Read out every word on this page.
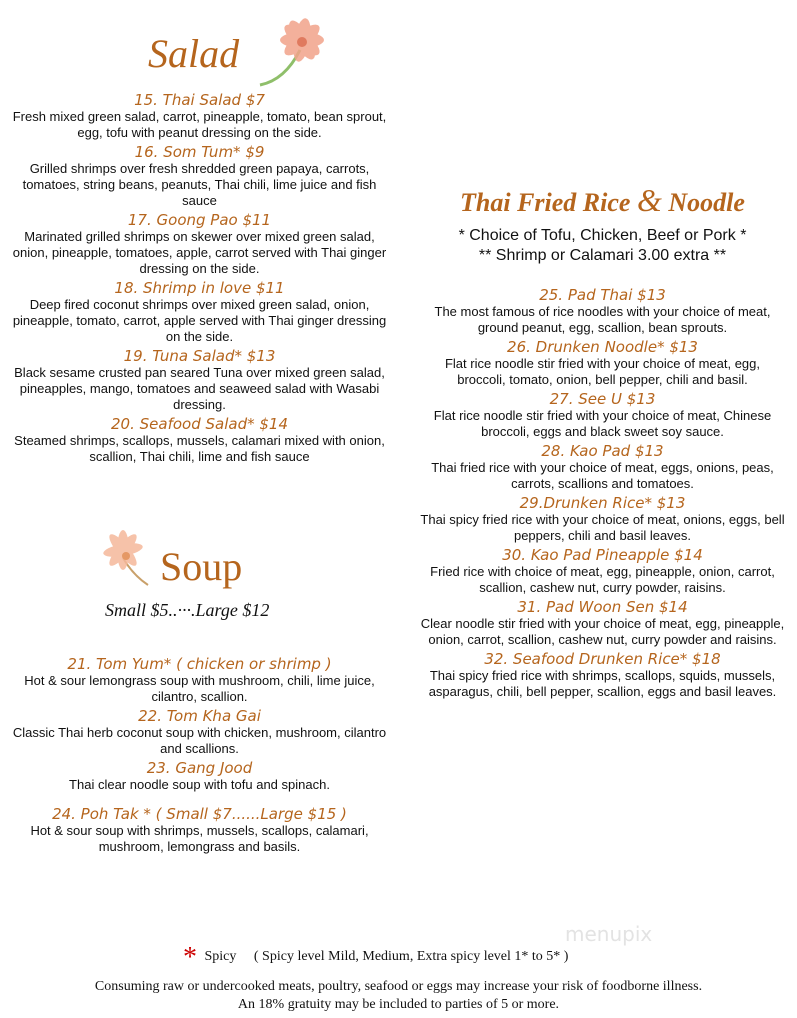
Salad
15. Thai Salad $7
Fresh mixed green salad, carrot, pineapple, tomato, bean sprout, egg, tofu with peanut dressing on the side.
16. Som Tum* $9
Grilled shrimps over fresh shredded green papaya, carrots, tomatoes, string beans, peanuts, Thai chili, lime juice and fish sauce
17. Goong Pao $11
Marinated grilled shrimps on skewer over mixed green salad, onion, pineapple, tomatoes, apple, carrot served with Thai ginger dressing on the side.
18. Shrimp in love $11
Deep fired coconut shrimps over mixed green salad, onion, pineapple, tomato, carrot, apple served with Thai ginger dressing on the side.
19. Tuna Salad* $13
Black sesame crusted pan seared Tuna over mixed green salad, pineapples, mango, tomatoes and seaweed salad with Wasabi dressing.
20. Seafood Salad* $14
Steamed shrimps, scallops, mussels, calamari mixed with onion, scallion, Thai chili, lime and fish sauce
Soup
Small $5..···.Large $12
21. Tom Yum* ( chicken or shrimp )
Hot & sour lemongrass soup with mushroom, chili, lime juice, cilantro, scallion.
22. Tom Kha Gai
Classic Thai herb coconut soup with chicken, mushroom, cilantro and scallions.
23. Gang Jood
Thai clear noodle soup with tofu and spinach.
24. Poh Tak * ( Small $7......Large $15 )
Hot & sour soup with shrimps, mussels, scallops, calamari, mushroom, lemongrass and basils.
Thai Fried Rice & Noodle
* Choice of Tofu, Chicken, Beef or Pork *
** Shrimp or Calamari 3.00 extra **
25. Pad Thai $13
The most famous of rice noodles with your choice of meat, ground peanut, egg, scallion, bean sprouts.
26. Drunken Noodle* $13
Flat rice noodle stir fried with your choice of meat, egg, broccoli, tomato, onion, bell pepper, chili and basil.
27. See U $13
Flat rice noodle stir fried with your choice of meat, Chinese broccoli, eggs and black sweet soy sauce.
28. Kao Pad $13
Thai fried rice with your choice of meat, eggs, onions, peas, carrots, scallions and tomatoes.
29.Drunken Rice* $13
Thai spicy fried rice with your choice of meat, onions, eggs, bell peppers, chili and basil leaves.
30. Kao Pad Pineapple $14
Fried rice with choice of meat, egg, pineapple, onion, carrot, scallion, cashew nut, curry powder, raisins.
31. Pad Woon Sen $14
Clear noodle stir fried with your choice of meat, egg, pineapple, onion, carrot, scallion, cashew nut, curry powder and raisins.
32. Seafood Drunken Rice* $18
Thai spicy fried rice with shrimps, scallops, squids, mussels, asparagus, chili, bell pepper, scallion, eggs and basil leaves.
menupix
* Spicy ( Spicy level Mild, Medium, Extra spicy level 1* to 5* )
Consuming raw or undercooked meats, poultry, seafood or eggs may increase your risk of foodborne illness.
An 18% gratuity may be included to parties of 5 or more.
